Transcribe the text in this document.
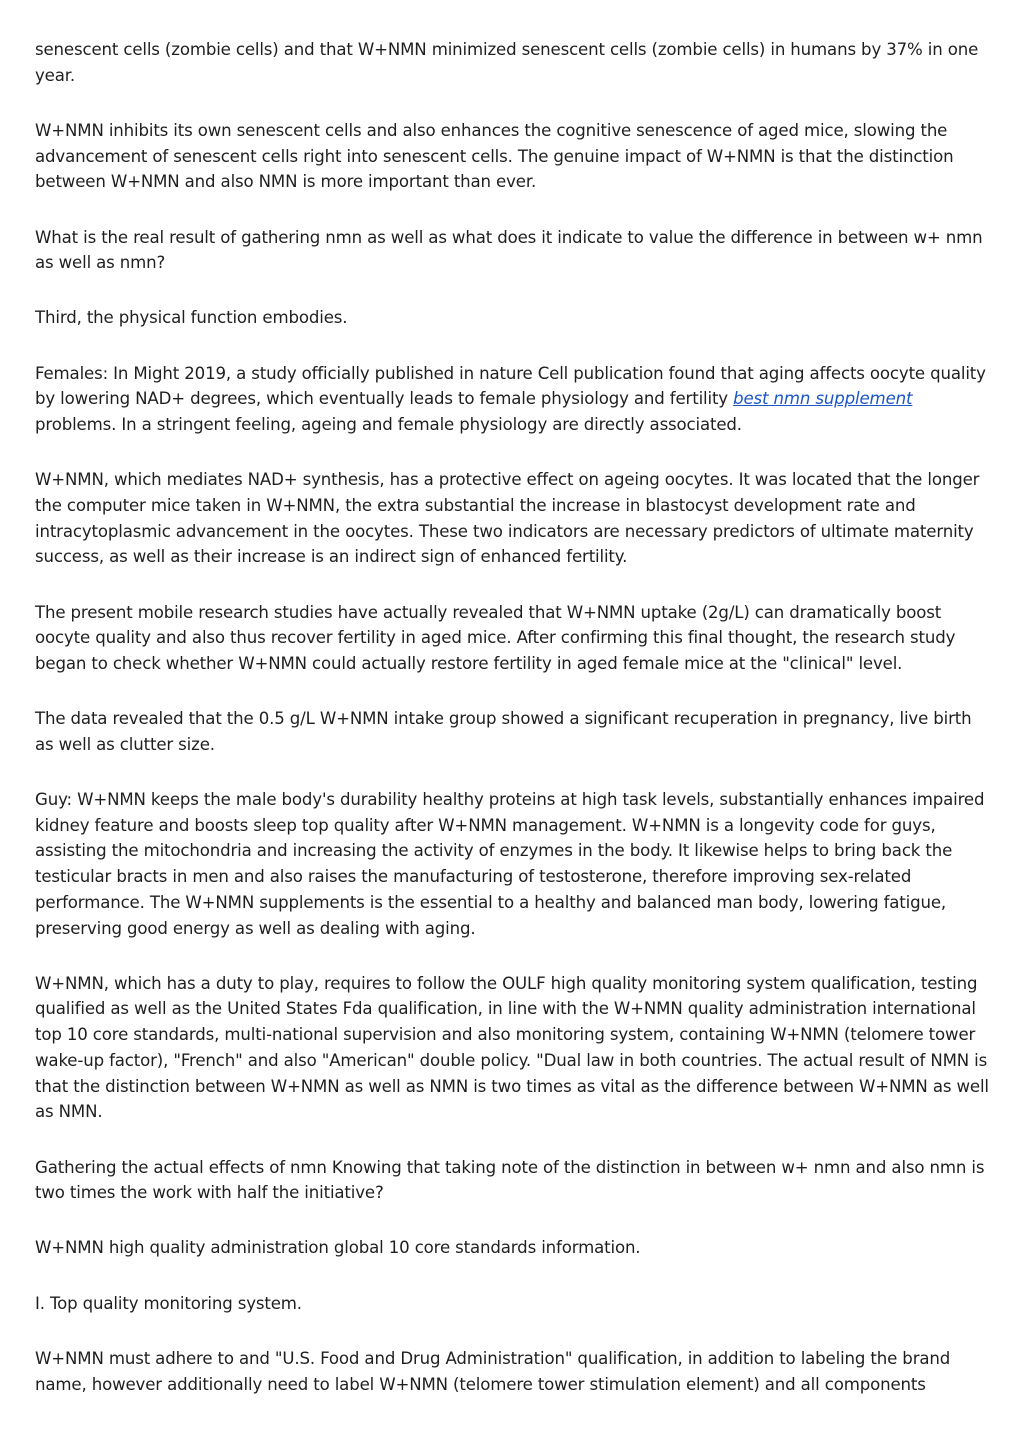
senescent cells (zombie cells) and that W+NMN minimized senescent cells (zombie cells) in humans by 37% in one year.

W+NMN inhibits its own senescent cells and also enhances the cognitive senescence of aged mice, slowing the advancement of senescent cells right into senescent cells. The genuine impact of W+NMN is that the distinction between W+NMN and also NMN is more important than ever.

What is the real result of gathering nmn as well as what does it indicate to value the difference in between w+ nmn as well as nmn?

Third, the physical function embodies.

Females: In Might 2019, a study officially published in nature Cell publication found that aging affects oocyte quality by lowering NAD+ degrees, which eventually leads to female physiology and fertility best nmn supplement problems. In a stringent feeling, ageing and female physiology are directly associated.

W+NMN, which mediates NAD+ synthesis, has a protective effect on ageing oocytes. It was located that the longer the computer mice taken in W+NMN, the extra substantial the increase in blastocyst development rate and intracytoplasmic advancement in the oocytes. These two indicators are necessary predictors of ultimate maternity success, as well as their increase is an indirect sign of enhanced fertility.

The present mobile research studies have actually revealed that W+NMN uptake (2g/L) can dramatically boost oocyte quality and also thus recover fertility in aged mice. After confirming this final thought, the research study began to check whether W+NMN could actually restore fertility in aged female mice at the "clinical" level.

The data revealed that the 0.5 g/L W+NMN intake group showed a significant recuperation in pregnancy, live birth as well as clutter size.

Guy: W+NMN keeps the male body's durability healthy proteins at high task levels, substantially enhances impaired kidney feature and boosts sleep top quality after W+NMN management. W+NMN is a longevity code for guys, assisting the mitochondria and increasing the activity of enzymes in the body. It likewise helps to bring back the testicular bracts in men and also raises the manufacturing of testosterone, therefore improving sex-related performance. The W+NMN supplements is the essential to a healthy and balanced man body, lowering fatigue, preserving good energy as well as dealing with aging.

W+NMN, which has a duty to play, requires to follow the OULF high quality monitoring system qualification, testing qualified as well as the United States Fda qualification, in line with the W+NMN quality administration international top 10 core standards, multi-national supervision and also monitoring system, containing W+NMN (telomere tower wake-up factor), "French" and also "American" double policy. "Dual law in both countries. The actual result of NMN is that the distinction between W+NMN as well as NMN is two times as vital as the difference between W+NMN as well as NMN.

Gathering the actual effects of nmn Knowing that taking note of the distinction in between w+ nmn and also nmn is two times the work with half the initiative?

W+NMN high quality administration global 10 core standards information.

I. Top quality monitoring system.

W+NMN must adhere to and "U.S. Food and Drug Administration" qualification, in addition to labeling the brand name, however additionally need to label W+NMN (telomere tower stimulation element) and all components
